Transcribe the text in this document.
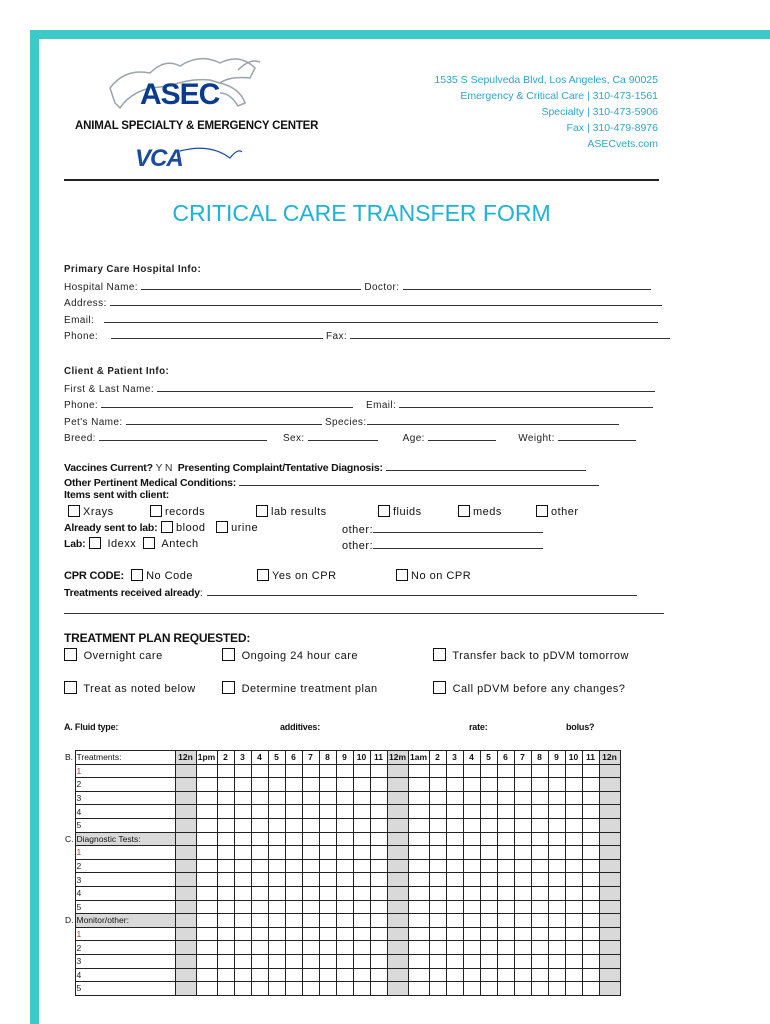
ASEC
ANIMAL SPECIALTY & EMERGENCY CENTER
VCA
1535 S Sepulveda Blvd, Los Angeles, Ca 90025
Emergency & Critical Care | 310-473-1561
Specialty | 310-473-5906
Fax | 310-479-8976
ASECvets.com
CRITICAL CARE TRANSFER FORM
Primary Care Hospital Info:
Hospital Name:	Doctor:
Address:
Email:
Phone:	Fax:
Client & Patient Info:
First & Last Name:
Phone:	Email:
Pet's Name:	Species:
Breed:	Sex:	Age:	Weight:
Vaccines Current? Y N Presenting Complaint/Tentative Diagnosis:
Other Pertinent Medical Conditions:
Items sent with client:
Xrays	records	lab results	fluids	meds	other
Already sent to lab: blood urine	other:
Lab: Idexx Antech	other:
CPR CODE: No Code	Yes on CPR	No on CPR
Treatments received already:
TREATMENT PLAN REQUESTED:
Overnight care	Ongoing 24 hour care	Transfer back to pDVM tomorrow
Treat as noted below	Determine treatment plan	Call pDVM before any changes?
A. Fluid type:	additives:	rate:	bolus?
B.	Treatments:	12n	1pm	2	3	4	5	6	7	8	9	10	11	12m	1am	2	3	4	5	6	7	8	9	10	11	12n
	1																									
	2																									
	3																									
	4																									
	5																									
C.	Diagnostic Tests:																									
	1																									
	2																									
	3																									
	4																									
	5																									
D.	Monitor/other:																									
	1																									
	2																									
	3																									
	4																									
	5																									
